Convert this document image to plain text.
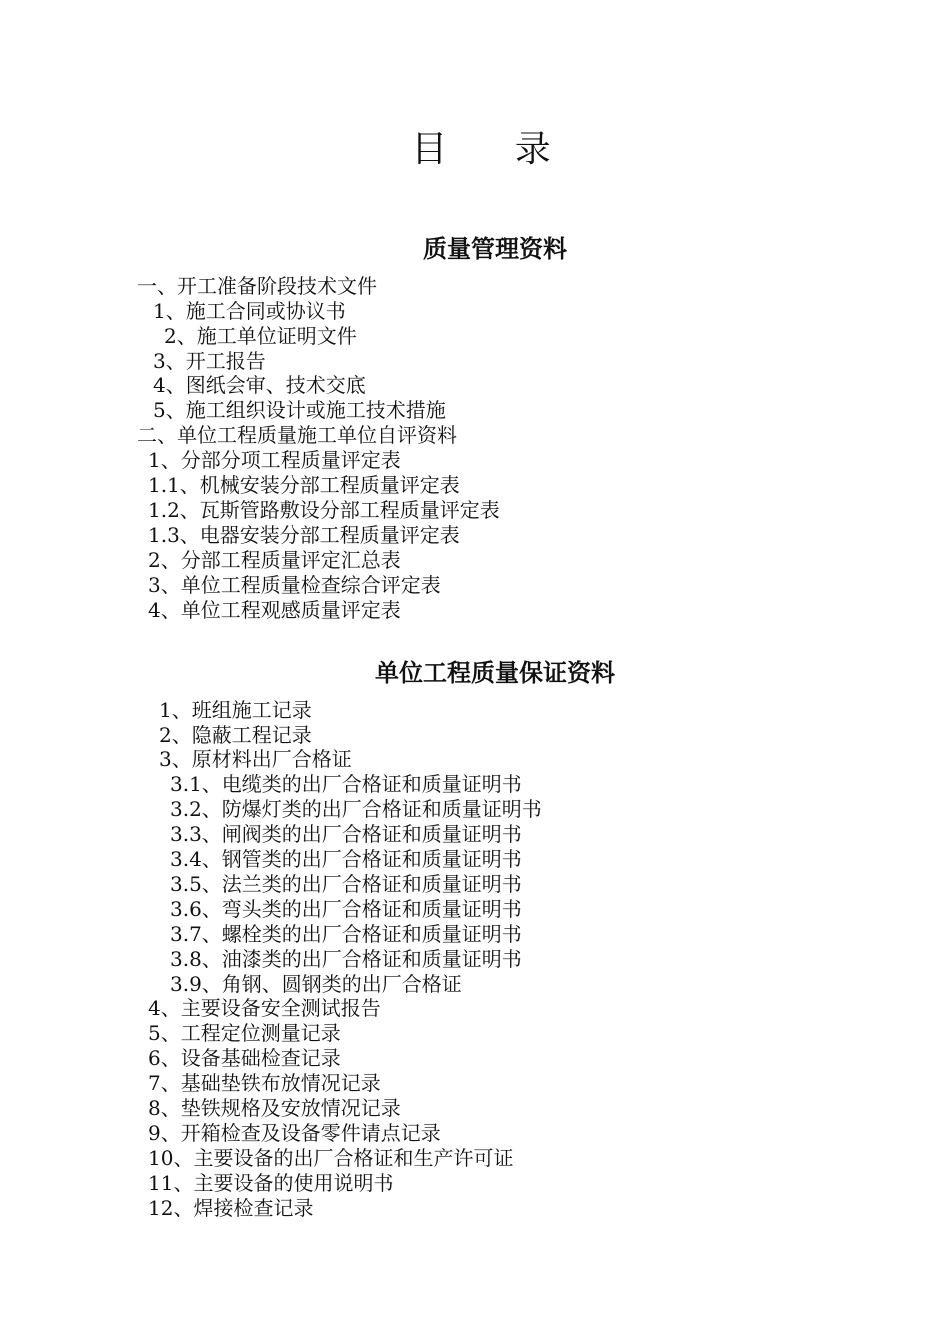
目 录
质量管理资料
一、开工准备阶段技术文件
1、施工合同或协议书
2、施工单位证明文件
3、开工报告
4、图纸会审、技术交底
5、施工组织设计或施工技术措施
二、单位工程质量施工单位自评资料
1、分部分项工程质量评定表
1.1、机械安装分部工程质量评定表
1.2、瓦斯管路敷设分部工程质量评定表
1.3、电器安装分部工程质量评定表
2、分部工程质量评定汇总表
3、单位工程质量检查综合评定表
4、单位工程观感质量评定表
单位工程质量保证资料
1、班组施工记录
2、隐蔽工程记录
3、原材料出厂合格证
3.1、电缆类的出厂合格证和质量证明书
3.2、防爆灯类的出厂合格证和质量证明书
3.3、闸阀类的出厂合格证和质量证明书
3.4、钢管类的出厂合格证和质量证明书
3.5、法兰类的出厂合格证和质量证明书
3.6、弯头类的出厂合格证和质量证明书
3.7、螺栓类的出厂合格证和质量证明书
3.8、油漆类的出厂合格证和质量证明书
3.9、角钢、圆钢类的出厂合格证
4、主要设备安全测试报告
5、工程定位测量记录
6、设备基础检查记录
7、基础垫铁布放情况记录
8、垫铁规格及安放情况记录
9、开箱检查及设备零件请点记录
10、主要设备的出厂合格证和生产许可证
11、主要设备的使用说明书
12、焊接检查记录
